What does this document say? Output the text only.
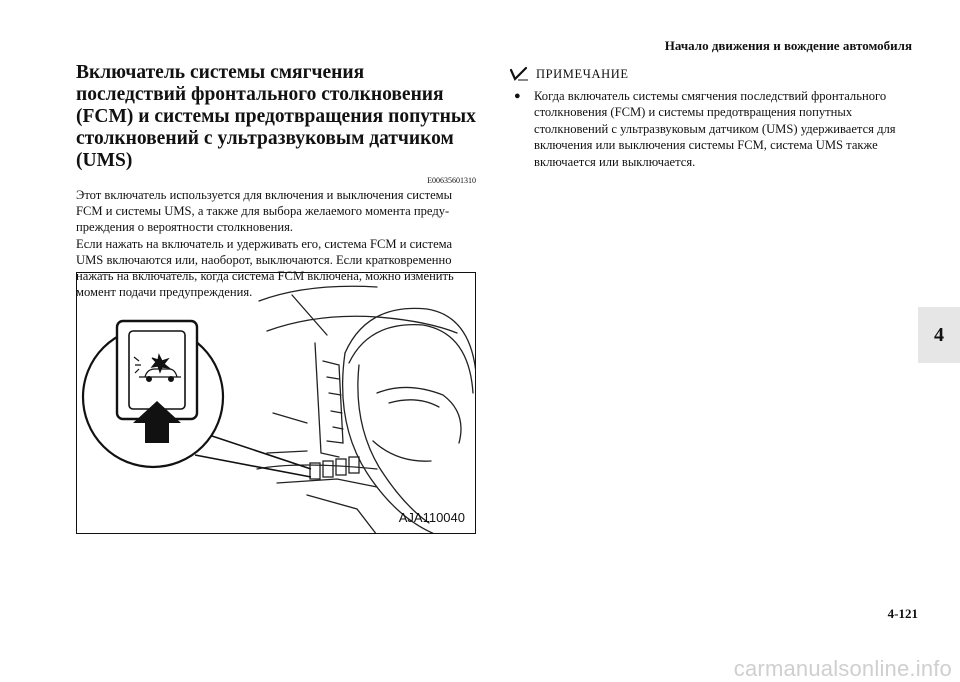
Начало движения и вождение автомобиля
4
Включатель системы смягчения последствий фронтального столкновения (FCM) и системы предотвращения попутных столкновений с ультразвуковым датчиком (UMS)
E00635601310

Этот включатель используется для включения и выключения системы FCM и системы UMS, а также для выбора желаемого момента предупреждения о вероятности столкновения.

Если нажать на включатель и удерживать его, система FCM и система UMS включаются или, наоборот, выключаются. Если кратковременно нажать на включатель, когда система FCM включена, можно изменить момент подачи предупреждения.

AJA110040
ПРИМЕЧАНИЕ
●	Когда включатель системы смягчения последствий фронтального столкновения (FCM) и системы предотвращения попутных столкновений с ультразвуковым датчиком (UMS) удерживается для включения или выключения системы FCM, система UMS также включается или выключается.

4-121
carmanualsonline.info
